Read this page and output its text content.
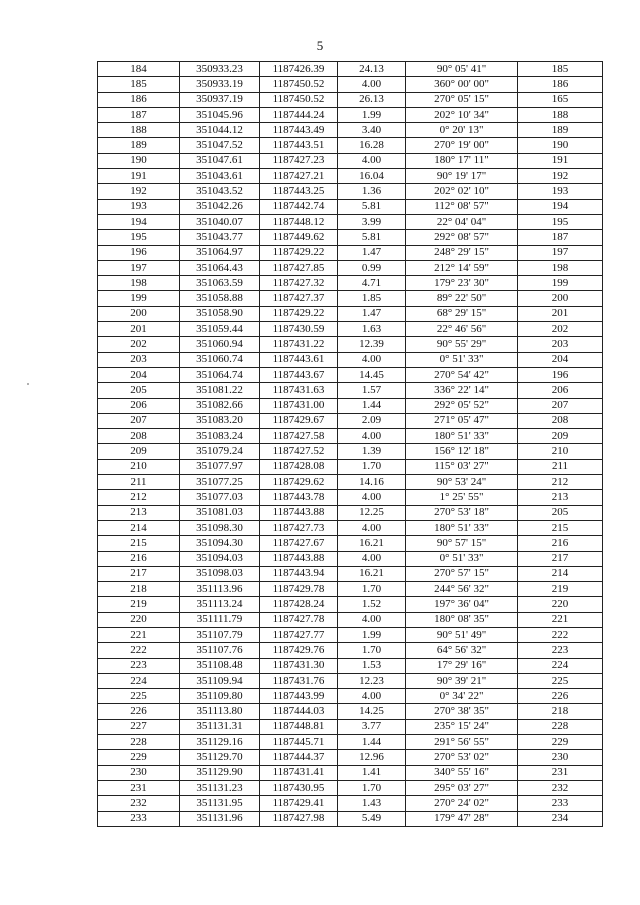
5
184	350933.23	1187426.39	24.13	90° 05' 41"	185
185	350933.19	1187450.52	4.00	360° 00' 00"	186
186	350937.19	1187450.52	26.13	270° 05' 15"	165
187	351045.96	1187444.24	1.99	202° 10' 34"	188
188	351044.12	1187443.49	3.40	0° 20' 13"	189
189	351047.52	1187443.51	16.28	270° 19' 00"	190
190	351047.61	1187427.23	4.00	180° 17' 11"	191
191	351043.61	1187427.21	16.04	90° 19' 17"	192
192	351043.52	1187443.25	1.36	202° 02' 10"	193
193	351042.26	1187442.74	5.81	112° 08' 57"	194
194	351040.07	1187448.12	3.99	22° 04' 04"	195
195	351043.77	1187449.62	5.81	292° 08' 57"	187
196	351064.97	1187429.22	1.47	248° 29' 15"	197
197	351064.43	1187427.85	0.99	212° 14' 59"	198
198	351063.59	1187427.32	4.71	179° 23' 30"	199
199	351058.88	1187427.37	1.85	89° 22' 50"	200
200	351058.90	1187429.22	1.47	68° 29' 15"	201
201	351059.44	1187430.59	1.63	22° 46' 56"	202
202	351060.94	1187431.22	12.39	90° 55' 29"	203
203	351060.74	1187443.61	4.00	0° 51' 33"	204
204	351064.74	1187443.67	14.45	270° 54' 42"	196
205	351081.22	1187431.63	1.57	336° 22' 14"	206
206	351082.66	1187431.00	1.44	292° 05' 52"	207
207	351083.20	1187429.67	2.09	271° 05' 47"	208
208	351083.24	1187427.58	4.00	180° 51' 33"	209
209	351079.24	1187427.52	1.39	156° 12' 18"	210
210	351077.97	1187428.08	1.70	115° 03' 27"	211
211	351077.25	1187429.62	14.16	90° 53' 24"	212
212	351077.03	1187443.78	4.00	1° 25' 55"	213
213	351081.03	1187443.88	12.25	270° 53' 18"	205
214	351098.30	1187427.73	4.00	180° 51' 33"	215
215	351094.30	1187427.67	16.21	90° 57' 15"	216
216	351094.03	1187443.88	4.00	0° 51' 33"	217
217	351098.03	1187443.94	16.21	270° 57' 15"	214
218	351113.96	1187429.78	1.70	244° 56' 32"	219
219	351113.24	1187428.24	1.52	197° 36' 04"	220
220	351111.79	1187427.78	4.00	180° 08' 35"	221
221	351107.79	1187427.77	1.99	90° 51' 49"	222
222	351107.76	1187429.76	1.70	64° 56' 32"	223
223	351108.48	1187431.30	1.53	17° 29' 16"	224
224	351109.94	1187431.76	12.23	90° 39' 21"	225
225	351109.80	1187443.99	4.00	0° 34' 22"	226
226	351113.80	1187444.03	14.25	270° 38' 35"	218
227	351131.31	1187448.81	3.77	235° 15' 24"	228
228	351129.16	1187445.71	1.44	291° 56' 55"	229
229	351129.70	1187444.37	12.96	270° 53' 02"	230
230	351129.90	1187431.41	1.41	340° 55' 16"	231
231	351131.23	1187430.95	1.70	295° 03' 27"	232
232	351131.95	1187429.41	1.43	270° 24' 02"	233
233	351131.96	1187427.98	5.49	179° 47' 28"	234
